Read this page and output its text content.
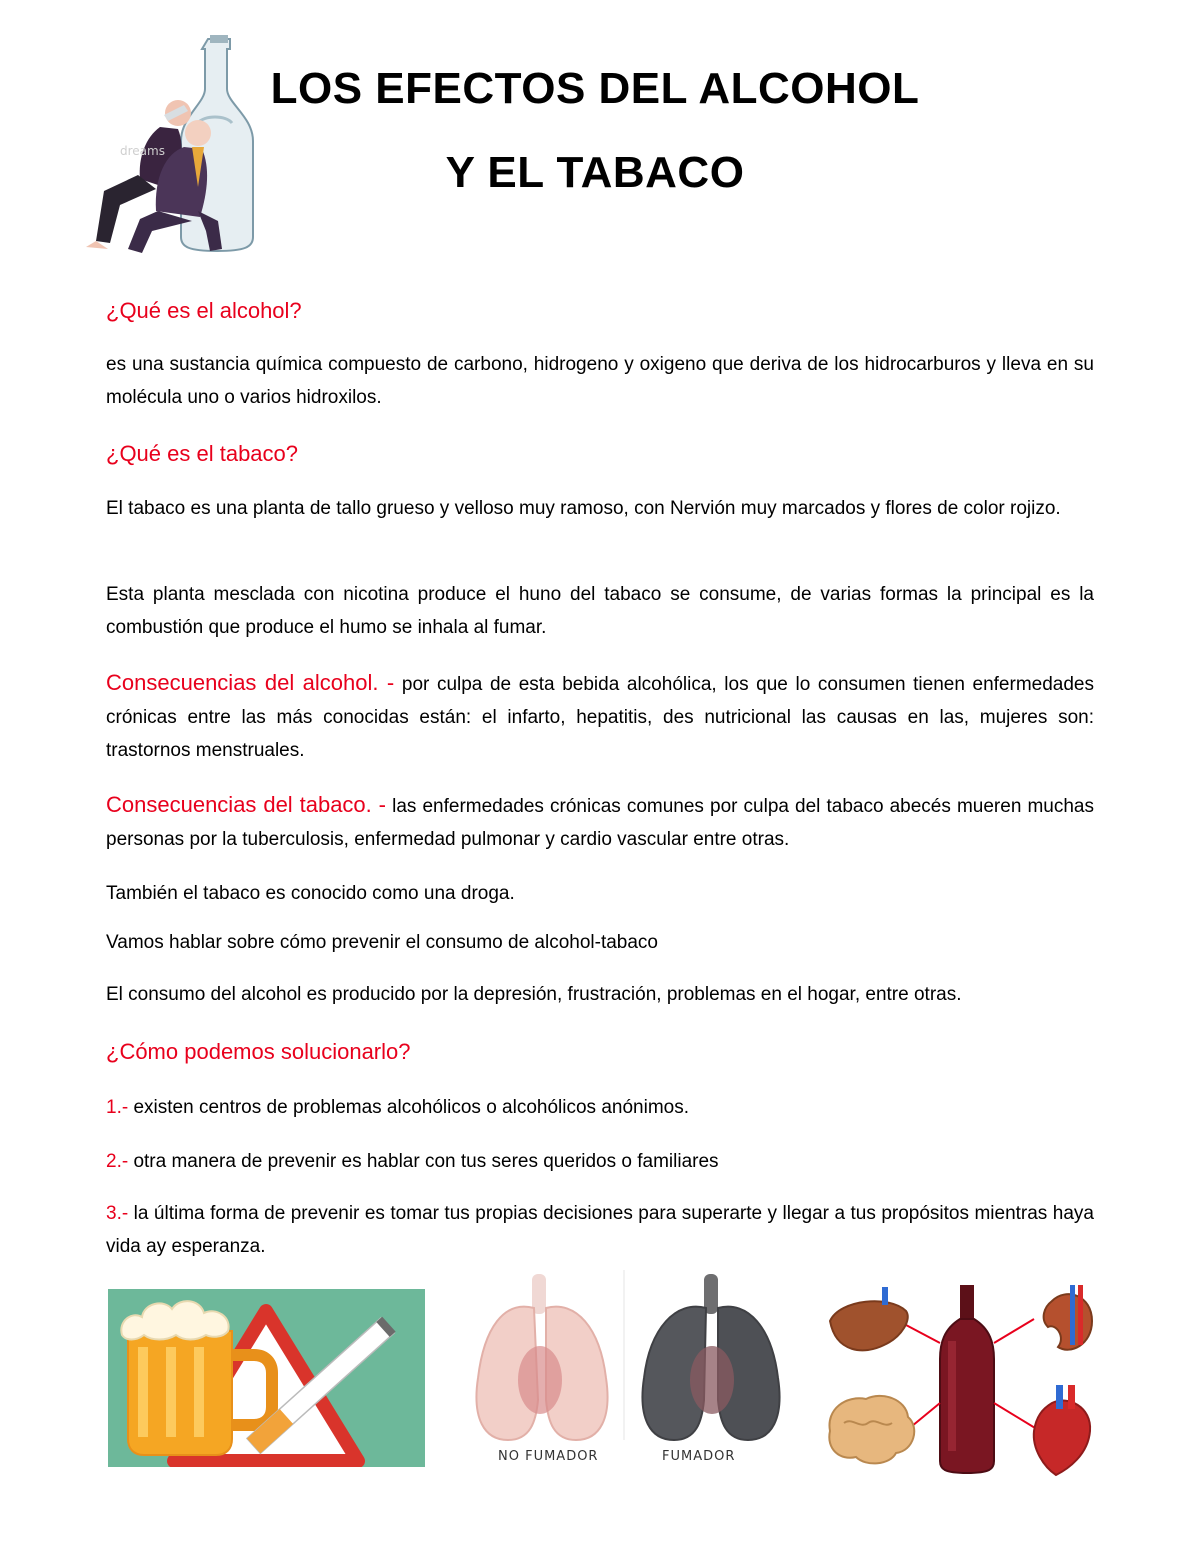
dreams
LOS EFECTOS DEL ALCOHOL
Y EL TABACO
¿Qué es el alcohol?
es una sustancia química compuesto de carbono, hidrogeno y oxigeno que deriva de los hidrocarburos y lleva en su molécula uno o varios hidroxilos.
¿Qué es el tabaco?
El tabaco es una planta de tallo grueso y velloso muy ramoso, con Nervión muy marcados y flores de color rojizo.
Esta planta mesclada con nicotina produce el huno del tabaco se consume, de varias formas la principal es la combustión que produce el humo se inhala al fumar.
Consecuencias del alcohol. - por culpa de esta bebida alcohólica, los que lo consumen tienen enfermedades crónicas entre las más conocidas están: el infarto, hepatitis, des nutricional las causas en las, mujeres son: trastornos menstruales.
Consecuencias del tabaco. - las enfermedades crónicas comunes por culpa del tabaco abecés mueren muchas personas por la tuberculosis, enfermedad pulmonar y cardio vascular entre otras.
También el tabaco es conocido como una droga.
Vamos hablar sobre cómo prevenir el consumo de alcohol-tabaco
El consumo del alcohol es producido por la depresión, frustración, problemas en el hogar, entre otras.
¿Cómo podemos solucionarlo?
1.- existen centros de problemas alcohólicos o alcohólicos anónimos.
2.- otra manera de prevenir es hablar con tus seres queridos o familiares
3.- la última forma de prevenir es tomar tus propias decisiones para superarte y llegar a tus propósitos mientras haya vida ay esperanza.
NO FUMADOR	FUMADOR
